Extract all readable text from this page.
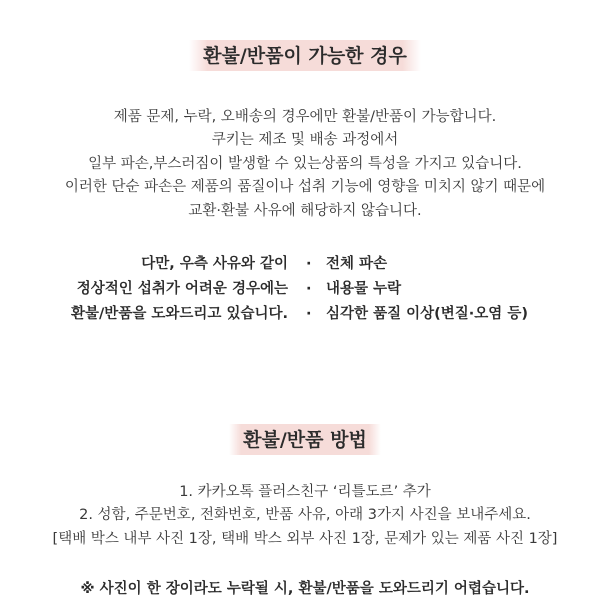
환불/반품이 가능한 경우
제품 문제, 누락, 오배송의 경우에만 환불/반품이 가능합니다.
쿠키는 제조 및 배송 과정에서
일부 파손,부스러짐이 발생할 수 있는상품의 특성을 가지고 있습니다.
이러한 단순 파손은 제품의 품질이나 섭취 기능에 영향을 미치지 않기 때문에
교환·환불 사유에 해당하지 않습니다.
다만, 우측 사유와 같이
정상적인 섭취가 어려운 경우에는
환불/반품을 도와드리고 있습니다.
· 전체 파손
· 내용물 누락
· 심각한 품질 이상(변질·오염 등)
환불/반품 방법
1. 카카오톡 플러스친구 ‘리틀도르’ 추가
2. 성함, 주문번호, 전화번호, 반품 사유, 아래 3가지 사진을 보내주세요.
[택배 박스 내부 사진 1장, 택배 박스 외부 사진 1장, 문제가 있는 제품 사진 1장]
※ 사진이 한 장이라도 누락될 시, 환불/반품을 도와드리기 어렵습니다.
